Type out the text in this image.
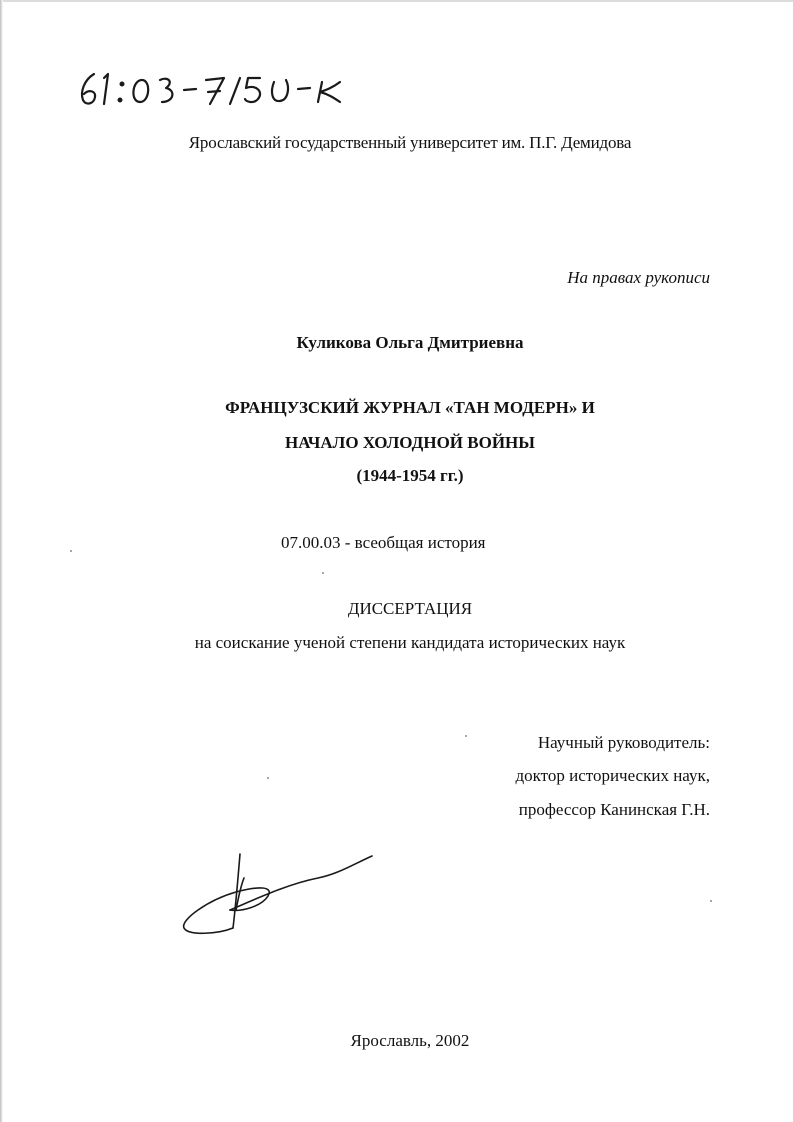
Ярославский государственный университет им. П.Г. Демидова
На правах рукописи
Куликова Ольга Дмитриевна
ФРАНЦУЗСКИЙ ЖУРНАЛ «ТАН МОДЕРН» И
НАЧАЛО ХОЛОДНОЙ ВОЙНЫ
(1944-1954 гг.)
07.00.03 - всеобщая история
ДИССЕРТАЦИЯ
на соискание ученой степени кандидата исторических наук
Научный руководитель:
доктор исторических наук,
профессор Канинская Г.Н.
Ярославль, 2002
